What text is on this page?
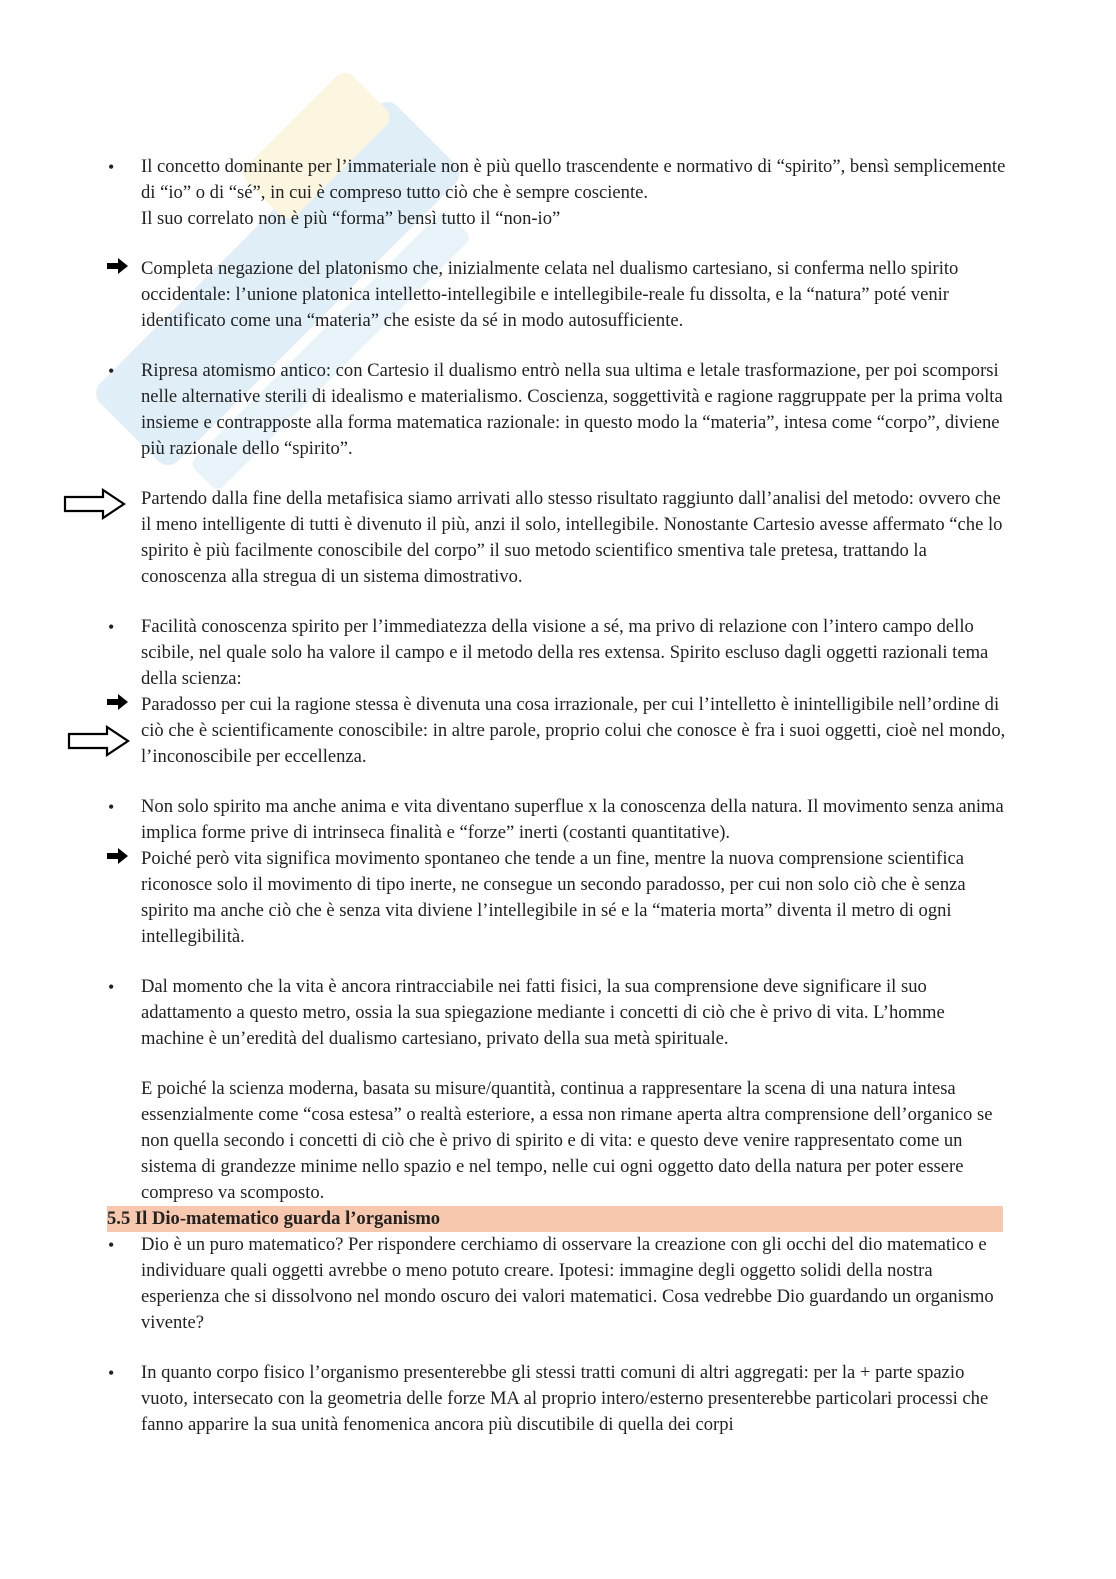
•	Il concetto dominante per l’immateriale non è più quello trascendente e normativo di “spirito”, bensì semplicemente di “io” o di “sé”, in cui è compreso tutto ciò che è sempre cosciente.

Il suo correlato non è più “forma” bensì tutto il “non-io”

Completa negazione del platonismo che, inizialmente celata nel dualismo cartesiano, si conferma nello spirito occidentale: l’unione platonica intelletto-intellegibile e intellegibile-reale fu dissolta, e la “natura” poté venir identificato come una “materia” che esiste da sé in modo autosufficiente.

•	Ripresa atomismo antico: con Cartesio il dualismo entrò nella sua ultima e letale trasformazione, per poi scomporsi nelle alternative sterili di idealismo e materialismo. Coscienza, soggettività e ragione raggruppate per la prima volta insieme e contrapposte alla forma matematica razionale: in questo modo la “materia”, intesa come “corpo”, diviene più razionale dello “spirito”.

Partendo dalla fine della metafisica siamo arrivati allo stesso risultato raggiunto dall’analisi del metodo: ovvero che il meno intelligente di tutti è divenuto il più, anzi il solo, intellegibile. Nonostante Cartesio avesse affermato “che lo spirito è più facilmente conoscibile del corpo” il suo metodo scientifico smentiva tale pretesa, trattando la conoscenza alla stregua di un sistema dimostrativo.

•	Facilità conoscenza spirito per l’immediatezza della visione a sé, ma privo di relazione con l’intero campo dello scibile, nel quale solo ha valore il campo e il metodo della res extensa. Spirito escluso dagli oggetti razionali tema della scienza:

Paradosso per cui la ragione stessa è divenuta una cosa irrazionale, per cui l’intelletto è inintelligibile nell’ordine di ciò che è scientificamente conoscibile: in altre parole, proprio colui che conosce è fra i suoi oggetti, cioè nel mondo, l’inconoscibile per eccellenza.

•	Non solo spirito ma anche anima e vita diventano superflue x la conoscenza della natura. Il movimento senza anima implica forme prive di intrinseca finalità e “forze” inerti (costanti quantitative).

Poiché però vita significa movimento spontaneo che tende a un fine, mentre la nuova comprensione scientifica riconosce solo il movimento di tipo inerte, ne consegue un secondo paradosso, per cui non solo ciò che è senza spirito ma anche ciò che è senza vita diviene l’intellegibile in sé e la “materia morta” diventa il metro di ogni intellegibilità.

•	Dal momento che la vita è ancora rintracciabile nei fatti fisici, la sua comprensione deve significare il suo adattamento a questo metro, ossia la sua spiegazione mediante i concetti di ciò che è privo di vita. L’homme machine è un’eredità del dualismo cartesiano, privato della sua metà spirituale.

E poiché la scienza moderna, basata su misure/quantità, continua a rappresentare la scena di una natura intesa essenzialmente come “cosa estesa” o realtà esteriore, a essa non rimane aperta altra comprensione dell’organico se non quella secondo i concetti di ciò che è privo di spirito e di vita: e questo deve venire rappresentato come un sistema di grandezze minime nello spazio e nel tempo, nelle cui ogni oggetto dato della natura per poter essere compreso va scomposto.

5.5 Il Dio-matematico guarda l’organismo
•	Dio è un puro matematico? Per rispondere cerchiamo di osservare la creazione con gli occhi del dio matematico e individuare quali oggetti avrebbe o meno potuto creare. Ipotesi: immagine degli oggetto solidi della nostra esperienza che si dissolvono nel mondo oscuro dei valori matematici. Cosa vedrebbe Dio guardando un organismo vivente?

•	In quanto corpo fisico l’organismo presenterebbe gli stessi tratti comuni di altri aggregati: per la + parte spazio vuoto, intersecato con la geometria delle forze MA al proprio intero/esterno presenterebbe particolari processi che fanno apparire la sua unità fenomenica ancora più discutibile di quella dei corpi
